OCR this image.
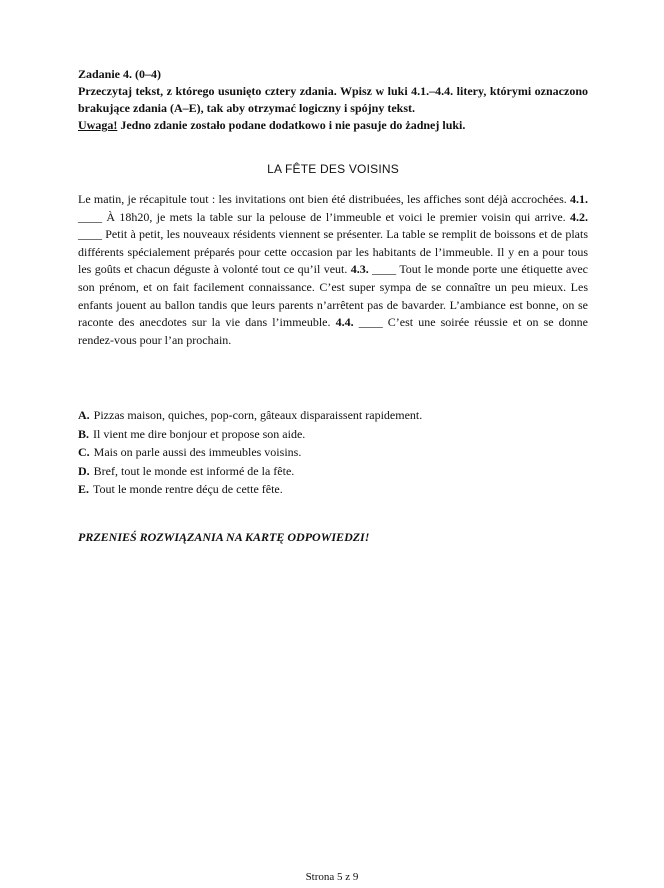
Zadanie 4. (0–4)

Przeczytaj tekst, z którego usunięto cztery zdania. Wpisz w luki 4.1.–4.4. litery, którymi oznaczono brakujące zdania (A–E), tak aby otrzymać logiczny i spójny tekst.
Uwaga! Jedno zdanie zostało podane dodatkowo i nie pasuje do żadnej luki.

LA FÊTE DES VOISINS

Le matin, je récapitule tout : les invitations ont bien été distribuées, les affiches sont déjà accrochées. 4.1. ____ À 18h20, je mets la table sur la pelouse de l’immeuble et voici le premier voisin qui arrive. 4.2. ____ Petit à petit, les nouveaux résidents viennent se présenter. La table se remplit de boissons et de plats différents spécialement préparés pour cette occasion par les habitants de l’immeuble. Il y en a pour tous les goûts et chacun déguste à volonté tout ce qu’il veut. 4.3. ____ Tout le monde porte une étiquette avec son prénom, et on fait facilement connaissance. C’est super sympa de se connaître un peu mieux. Les enfants jouent au ballon tandis que leurs parents n’arrêtent pas de bavarder. L’ambiance est bonne, on se raconte des anecdotes sur la vie dans l’immeuble. 4.4. ____ C’est une soirée réussie et on se donne rendez-vous pour l’an prochain.

A. Pizzas maison, quiches, pop-corn, gâteaux disparaissent rapidement.
B. Il vient me dire bonjour et propose son aide.
C. Mais on parle aussi des immeubles voisins.
D. Bref, tout le monde est informé de la fête.
E. Tout le monde rentre déçu de cette fête.
PRZENIEŚ ROZWIĄZANIA NA KARTĘ ODPOWIEDZI!
Strona 5 z 9
